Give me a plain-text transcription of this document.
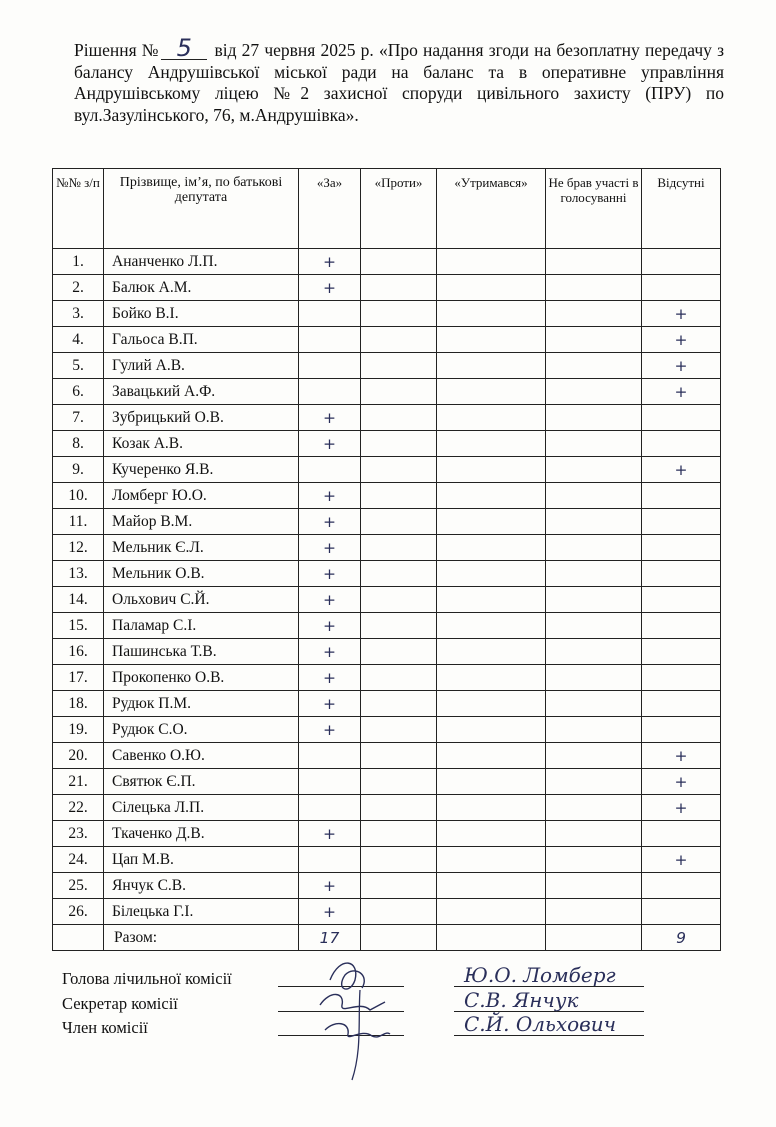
Рішення № 5 від 27 червня 2025 р. «Про надання згоди на безоплатну передачу з балансу Андрушівської міської ради на баланс та в оперативне управління Андрушівському ліцею №2 захисної споруди цивільного захисту (ПРУ) по вул.Зазулінського, 76, м.Андрушівка».
№№ з/п	Прізвище, ім’я, по батькові депутата	«За»	«Проти»	«Утримався»	Не брав участі в голосуванні	Відсутні
1.	Ананченко Л.П.	+				
2.	Балюк А.М.	+				
3.	Бойко В.І.					+
4.	Гальоса В.П.					+
5.	Гулий А.В.					+
6.	Завацький А.Ф.					+
7.	Зубрицький О.В.	+				
8.	Козак А.В.	+				
9.	Кучеренко Я.В.					+
10.	Ломберг Ю.О.	+				
11.	Майор В.М.	+				
12.	Мельник Є.Л.	+				
13.	Мельник О.В.	+				
14.	Ольхович С.Й.	+				
15.	Паламар С.І.	+				
16.	Пашинська Т.В.	+				
17.	Прокопенко О.В.	+				
18.	Рудюк П.М.	+				
19.	Рудюк С.О.	+				
20.	Савенко О.Ю.					+
21.	Святюк Є.П.					+
22.	Сілецька Л.П.					+
23.	Ткаченко Д.В.	+				
24.	Цап М.В.					+
25.	Янчук С.В.	+				
26.	Білецька Г.І.	+				
	Разом:	17				9
Голова лічильної комісії	Ю.О. Ломберг
Секретар комісії	С.В. Янчук
Член комісії	С.Й. Ольхович
